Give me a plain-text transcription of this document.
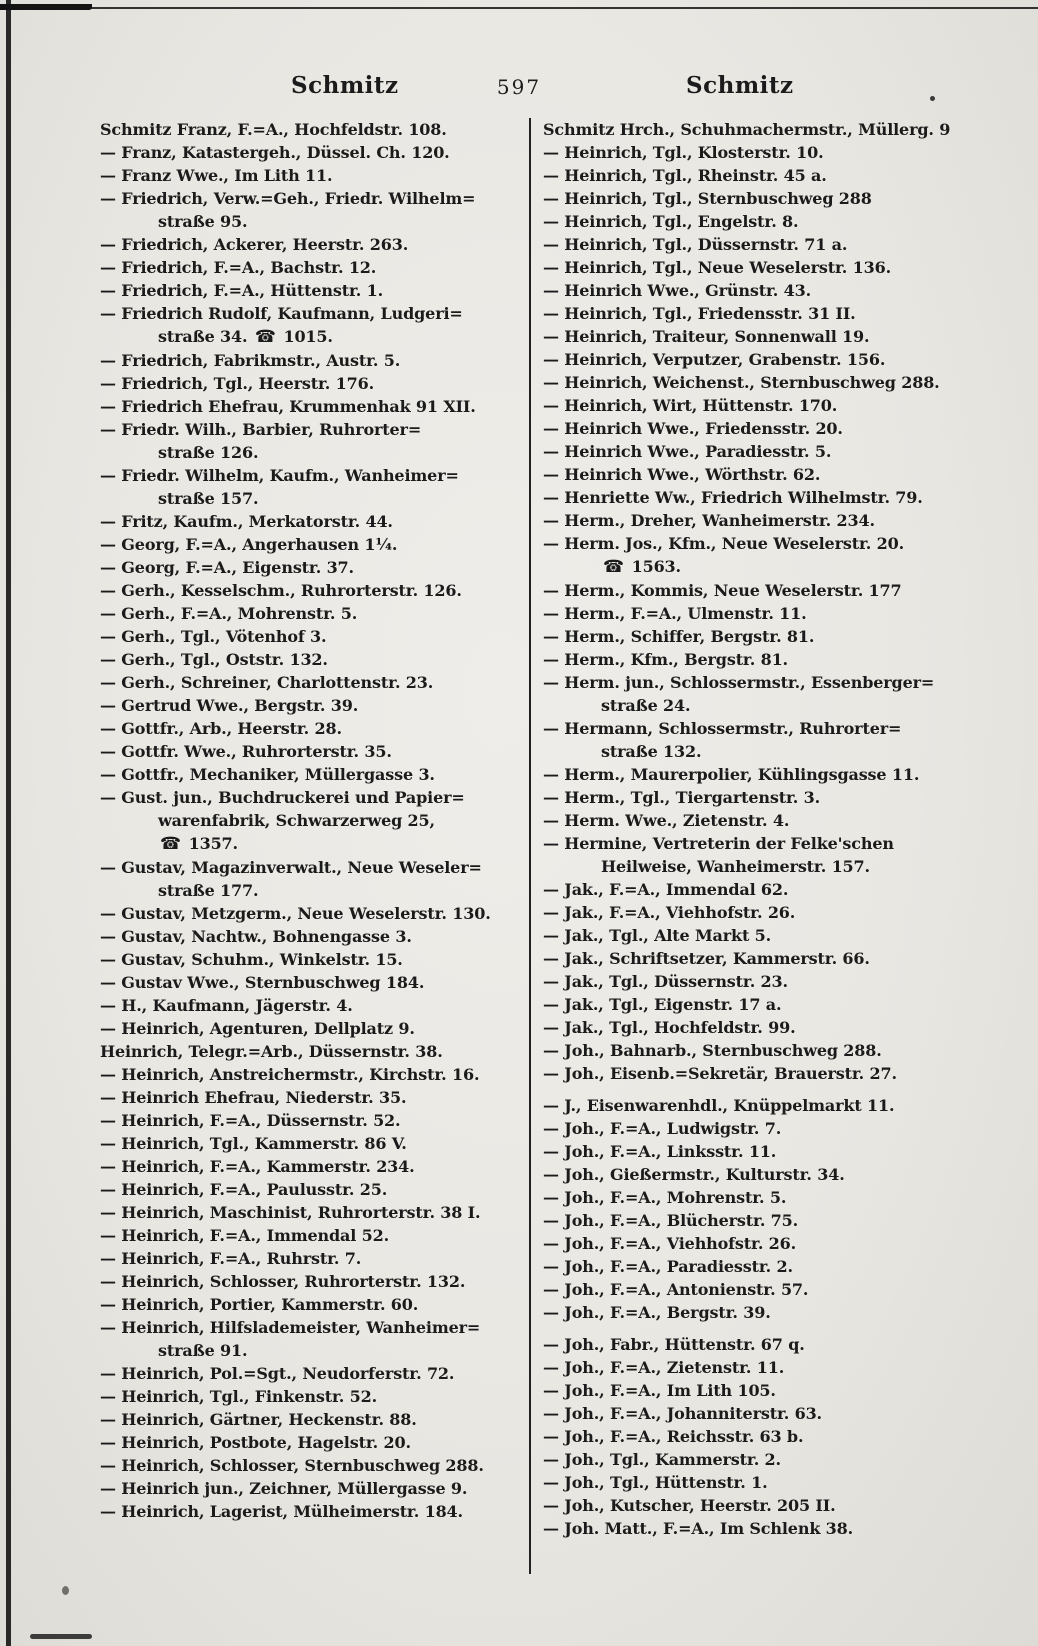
Schmitz	597	Schmitz
Schmitz Franz, F.=A., Hochfeldstr. 108.
— Franz, Katastergeh., Düssel. Ch. 120.
— Franz Wwe., Im Lith 11.
— Friedrich, Verw.=Geh., Friedr. Wilhelm=
straße 95.
— Friedrich, Ackerer, Heerstr. 263.
— Friedrich, F.=A., Bachstr. 12.
— Friedrich, F.=A., Hüttenstr. 1.
— Friedrich Rudolf, Kaufmann, Ludgeri=
straße 34. ☎ 1015.
— Friedrich, Fabrikmstr., Austr. 5.
— Friedrich, Tgl., Heerstr. 176.
— Friedrich Ehefrau, Krummenhak 91 XII.
— Friedr. Wilh., Barbier, Ruhrorter=
straße 126.
— Friedr. Wilhelm, Kaufm., Wanheimer=
straße 157.
— Fritz, Kaufm., Merkatorstr. 44.
— Georg, F.=A., Angerhausen 1¼.
— Georg, F.=A., Eigenstr. 37.
— Gerh., Kesselschm., Ruhrorterstr. 126.
— Gerh., F.=A., Mohrenstr. 5.
— Gerh., Tgl., Vötenhof 3.
— Gerh., Tgl., Oststr. 132.
— Gerh., Schreiner, Charlottenstr. 23.
— Gertrud Wwe., Bergstr. 39.
— Gottfr., Arb., Heerstr. 28.
— Gottfr. Wwe., Ruhrorterstr. 35.
— Gottfr., Mechaniker, Müllergasse 3.
— Gust. jun., Buchdruckerei und Papier=
warenfabrik, Schwarzerweg 25,
☎ 1357.
— Gustav, Magazinverwalt., Neue Weseler=
straße 177.
— Gustav, Metzgerm., Neue Weselerstr. 130.
— Gustav, Nachtw., Bohnengasse 3.
— Gustav, Schuhm., Winkelstr. 15.
— Gustav Wwe., Sternbuschweg 184.
— H., Kaufmann, Jägerstr. 4.
— Heinrich, Agenturen, Dellplatz 9.
Heinrich, Telegr.=Arb., Düssernstr. 38.
— Heinrich, Anstreichermstr., Kirchstr. 16.
— Heinrich Ehefrau, Niederstr. 35.
— Heinrich, F.=A., Düssernstr. 52.
— Heinrich, Tgl., Kammerstr. 86 V.
— Heinrich, F.=A., Kammerstr. 234.
— Heinrich, F.=A., Paulusstr. 25.
— Heinrich, Maschinist, Ruhrorterstr. 38 I.
— Heinrich, F.=A., Immendal 52.
— Heinrich, F.=A., Ruhrstr. 7.
— Heinrich, Schlosser, Ruhrorterstr. 132.
— Heinrich, Portier, Kammerstr. 60.
— Heinrich, Hilfslademeister, Wanheimer=
straße 91.
— Heinrich, Pol.=Sgt., Neudorferstr. 72.
— Heinrich, Tgl., Finkenstr. 52.
— Heinrich, Gärtner, Heckenstr. 88.
— Heinrich, Postbote, Hagelstr. 20.
— Heinrich, Schlosser, Sternbuschweg 288.
— Heinrich jun., Zeichner, Müllergasse 9.
— Heinrich, Lagerist, Mülheimerstr. 184.
Schmitz Hrch., Schuhmachermstr., Müllerg. 9
— Heinrich, Tgl., Klosterstr. 10.
— Heinrich, Tgl., Rheinstr. 45 a.
— Heinrich, Tgl., Sternbuschweg 288
— Heinrich, Tgl., Engelstr. 8.
— Heinrich, Tgl., Düssernstr. 71 a.
— Heinrich, Tgl., Neue Weselerstr. 136.
— Heinrich Wwe., Grünstr. 43.
— Heinrich, Tgl., Friedensstr. 31 II.
— Heinrich, Traiteur, Sonnenwall 19.
— Heinrich, Verputzer, Grabenstr. 156.
— Heinrich, Weichenst., Sternbuschweg 288.
— Heinrich, Wirt, Hüttenstr. 170.
— Heinrich Wwe., Friedensstr. 20.
— Heinrich Wwe., Paradiesstr. 5.
— Heinrich Wwe., Wörthstr. 62.
— Henriette Ww., Friedrich Wilhelmstr. 79.
— Herm., Dreher, Wanheimerstr. 234.
— Herm. Jos., Kfm., Neue Weselerstr. 20.
☎ 1563.
— Herm., Kommis, Neue Weselerstr. 177
— Herm., F.=A., Ulmenstr. 11.
— Herm., Schiffer, Bergstr. 81.
— Herm., Kfm., Bergstr. 81.
— Herm. jun., Schlossermstr., Essenberger=
straße 24.
— Hermann, Schlossermstr., Ruhrorter=
straße 132.
— Herm., Maurerpolier, Kühlingsgasse 11.
— Herm., Tgl., Tiergartenstr. 3.
— Herm. Wwe., Zietenstr. 4.
— Hermine, Vertreterin der Felke'schen
Heilweise, Wanheimerstr. 157.
— Jak., F.=A., Immendal 62.
— Jak., F.=A., Viehhofstr. 26.
— Jak., Tgl., Alte Markt 5.
— Jak., Schriftsetzer, Kammerstr. 66.
— Jak., Tgl., Düssernstr. 23.
— Jak., Tgl., Eigenstr. 17 a.
— Jak., Tgl., Hochfeldstr. 99.
— Joh., Bahnarb., Sternbuschweg 288.
— Joh., Eisenb.=Sekretär, Brauerstr. 27.
— J., Eisenwarenhdl., Knüppelmarkt 11.
— Joh., F.=A., Ludwigstr. 7.
— Joh., F.=A., Linksstr. 11.
— Joh., Gießermstr., Kulturstr. 34.
— Joh., F.=A., Mohrenstr. 5.
— Joh., F.=A., Blücherstr. 75.
— Joh., F.=A., Viehhofstr. 26.
— Joh., F.=A., Paradiesstr. 2.
— Joh., F.=A., Antonienstr. 57.
— Joh., F.=A., Bergstr. 39.
— Joh., Fabr., Hüttenstr. 67 q.
— Joh., F.=A., Zietenstr. 11.
— Joh., F.=A., Im Lith 105.
— Joh., F.=A., Johanniterstr. 63.
— Joh., F.=A., Reichsstr. 63 b.
— Joh., Tgl., Kammerstr. 2.
— Joh., Tgl., Hüttenstr. 1.
— Joh., Kutscher, Heerstr. 205 II.
— Joh. Matt., F.=A., Im Schlenk 38.
